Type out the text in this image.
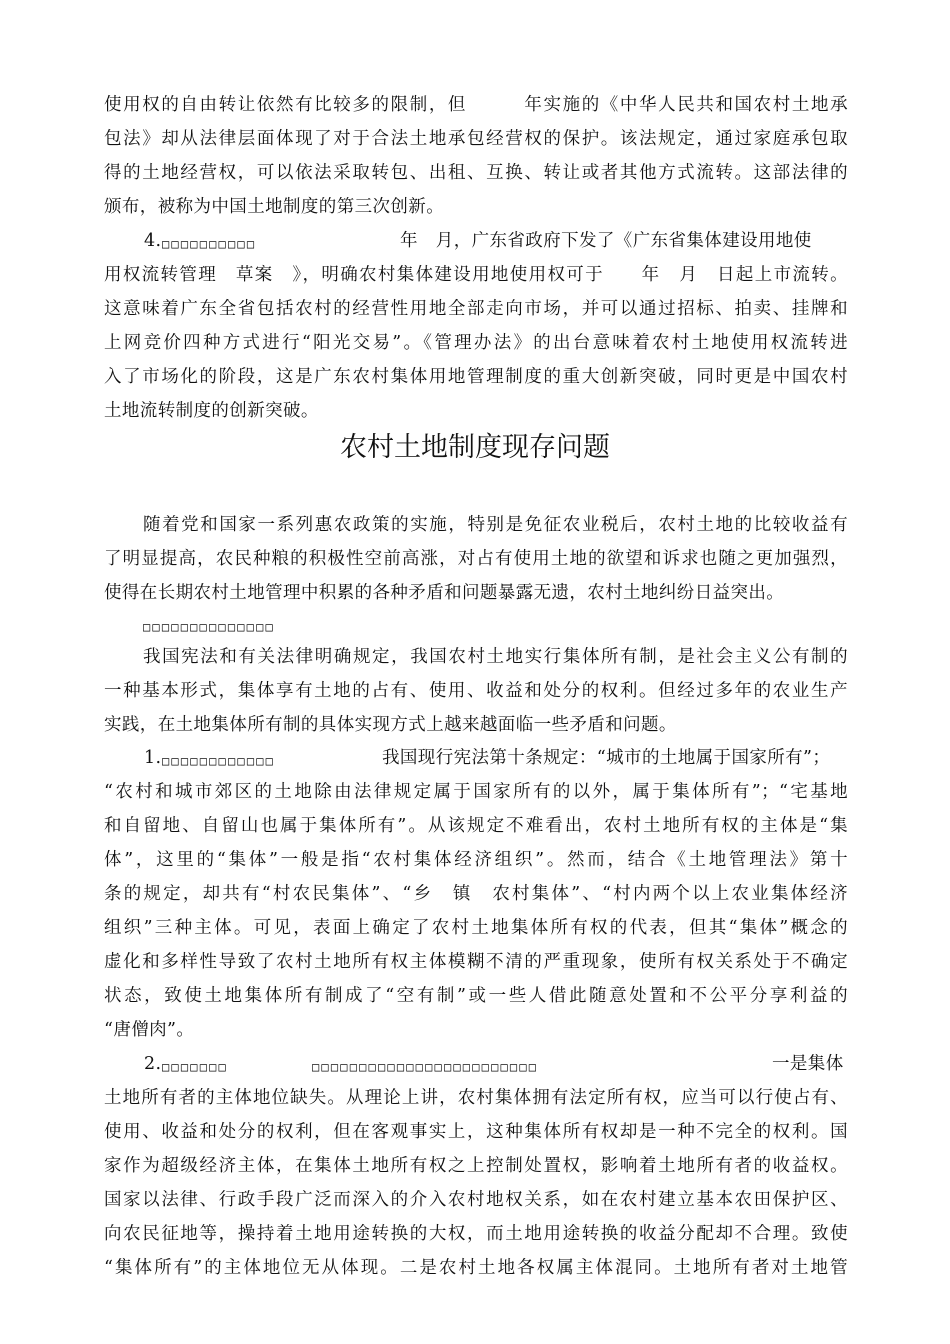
使用权的自由转让依然有比较多的限制，但　　　年实施的《中华人民共和国农村土地承
包法》却从法律层面体现了对于合法土地承包经营权的保护。该法规定，通过家庭承包取
得的土地经营权，可以依法采取转包、出租、互换、转让或者其他方式流转。这部法律的
颁布，被称为中国土地制度的第三次创新。
4. □□□□□□□□□□	年　月，广东省政府下发了《广东省集体建设用地使
用权流转管理　草案　》，明确农村集体建设用地使用权可于　　年　月　日起上市流转。
这意味着广东全省包括农村的经营性用地全部走向市场，并可以通过招标、拍卖、挂牌和
上网竞价四种方式进行“阳光交易”。《管理办法》的出台意味着农村土地使用权流转进
入了市场化的阶段，这是广东农村集体用地管理制度的重大创新突破，同时更是中国农村
土地流转制度的创新突破。
农村土地制度现存问题
随着党和国家一系列惠农政策的实施，特别是免征农业税后，农村土地的比较收益有
了明显提高，农民种粮的积极性空前高涨，对占有使用土地的欲望和诉求也随之更加强烈，
使得在长期农村土地管理中积累的各种矛盾和问题暴露无遗，农村土地纠纷日益突出。
□□□□□□□□□□□□□□
我国宪法和有关法律明确规定，我国农村土地实行集体所有制，是社会主义公有制的
一种基本形式，集体享有土地的占有、使用、收益和处分的权利。但经过多年的农业生产
实践，在土地集体所有制的具体实现方式上越来越面临一些矛盾和问题。
1. □□□□□□□□□□□□	我国现行宪法第十条规定：“城市的土地属于国家所有”；
“农村和城市郊区的土地除由法律规定属于国家所有的以外，属于集体所有”；“宅基地
和自留地、自留山也属于集体所有”。从该规定不难看出，农村土地所有权的主体是“集
体”，这里的“集体”一般是指“农村集体经济组织”。然而，结合《土地管理法》第十
条的规定，却共有“村农民集体”、“乡　镇　农村集体”、“村内两个以上农业集体经济
组织”三种主体。可见，表面上确定了农村土地集体所有权的代表，但其“集体”概念的
虚化和多样性导致了农村土地所有权主体模糊不清的严重现象，使所有权关系处于不确定
状态，致使土地集体所有制成了“空有制”或一些人借此随意处置和不公平分享利益的
“唐僧肉”。
2. □□□□□□□	□□□□□□□□□□□□□□□□□□□□□□□□	一是集体
土地所有者的主体地位缺失。从理论上讲，农村集体拥有法定所有权，应当可以行使占有、
使用、收益和处分的权利，但在客观事实上，这种集体所有权却是一种不完全的权利。国
家作为超级经济主体，在集体土地所有权之上控制处置权，影响着土地所有者的收益权。
国家以法律、行政手段广泛而深入的介入农村地权关系，如在农村建立基本农田保护区、
向农民征地等，操持着土地用途转换的大权，而土地用途转换的收益分配却不合理。致使
“集体所有”的主体地位无从体现。二是农村土地各权属主体混同。土地所有者对土地管
